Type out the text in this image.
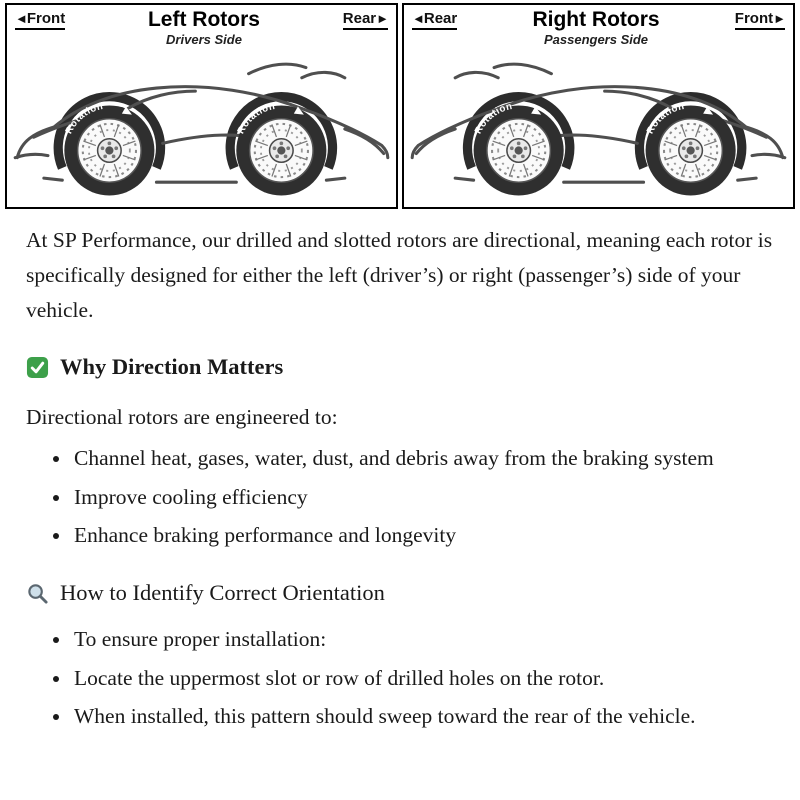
◄Front	Left Rotors
Drivers Side
Rear►
Rotation
Rotation
◄Rear	Right Rotors
Passengers Side
Front►
Rotation
Rotation

At SP Performance, our drilled and slotted rotors are directional, meaning each rotor is specifically designed for either the left (driver’s) or right (passenger’s) side of your vehicle.

Why Direction Matters

Directional rotors are engineered to:

• Channel heat, gases, water, dust, and debris away from the braking system
• Improve cooling efficiency
• Enhance braking performance and longevity
How to Identify Correct Orientation
• To ensure proper installation:
• Locate the uppermost slot or row of drilled holes on the rotor.
• When installed, this pattern should sweep toward the rear of the vehicle.
